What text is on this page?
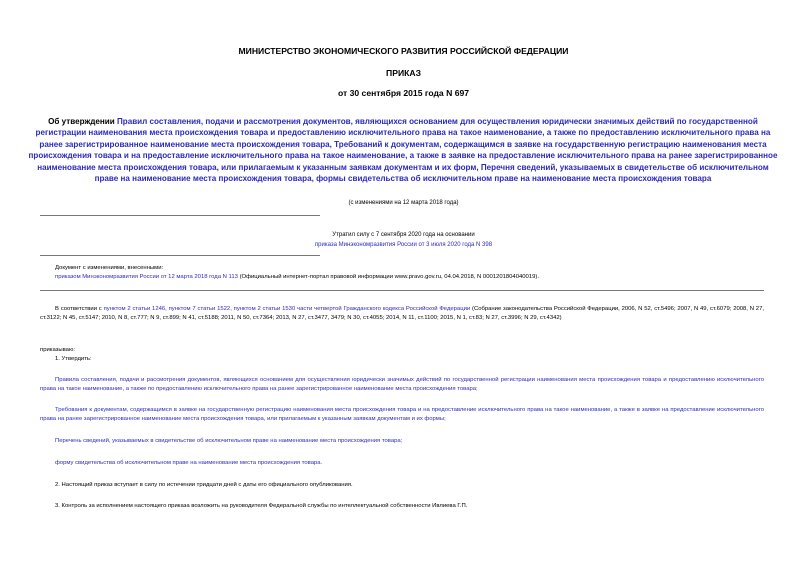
МИНИСТЕРСТВО ЭКОНОМИЧЕСКОГО РАЗВИТИЯ РОССИЙСКОЙ ФЕДЕРАЦИИ
ПРИКАЗ
от 30 сентября 2015 года N 697
Об утверждении Правил составления, подачи и рассмотрения документов, являющихся основанием для осуществления юридически значимых действий по государственной регистрации наименования места происхождения товара и предоставлению исключительного права на такое наименование, а также по предоставлению исключительного права на ранее зарегистрированное наименование места происхождения товара, Требований к документам, содержащимся в заявке на государственную регистрацию наименования места происхождения товара и на предоставление исключительного права на такое наименование, а также в заявке на предоставление исключительного права на ранее зарегистрированное наименование места происхождения товара, или прилагаемым к указанным заявкам документам и их форм, Перечня сведений, указываемых в свидетельстве об исключительном праве на наименование места происхождения товара, формы свидетельства об исключительном праве на наименование места происхождения товара
(с изменениями на 12 марта 2018 года)
Утратил силу с 7 сентября 2020 года на основании
приказа Минэкономразвития России от 3 июля 2020 года N 398
Документ с изменениями, внесенными:
приказом Минэкономразвития России от 12 марта 2018 года N 113 (Официальный интернет-портал правовой информации www.pravo.gov.ru, 04.04.2018, N 0001201804040019).
В соответствии с пунктом 2 статьи 1246, пунктом 7 статьи 1522, пунктом 2 статьи 1530 части четвертой Гражданского кодекса Российской Федерации (Собрание законодательства Российской Федерации, 2006, N 52, ст.5496; 2007, N 49, ст.6079; 2008, N 27, ст.3122; N 45, ст.5147; 2010, N 8, ст.777; N 9, ст.899; N 41, ст.5188; 2011, N 50, ст.7364; 2013, N 27, ст.3477, 3479; N 30, ст.4055; 2014, N 11, ст.1100; 2015, N 1, ст.83; N 27, ст.3996; N 29, ст.4342)
приказываю:
1. Утвердить:
Правила составления, подачи и рассмотрения документов, являющихся основанием для осуществления юридически значимых действий по государственной регистрации наименования места происхождения товара и предоставлению исключительного права на такое наименование, а также по предоставлению исключительного права на ранее зарегистрированное наименование места происхождения товара;
Требования к документам, содержащимся в заявке на государственную регистрацию наименования места происхождения товара и на предоставление исключительного права на такое наименование, а также в заявке на предоставление исключительного права на ранее зарегистрированное наименование места происхождения товара, или прилагаемым к указанным заявкам документам и их формы;
Перечень сведений, указываемых в свидетельстве об исключительном праве на наименование места происхождения товара;
форму свидетельства об исключительном праве на наименование места происхождения товара.
2. Настоящий приказ вступает в силу по истечении тридцати дней с даты его официального опубликования.
3. Контроль за исполнением настоящего приказа возложить на руководителя Федеральной службы по интеллектуальной собственности Ивлиева Г.П.
